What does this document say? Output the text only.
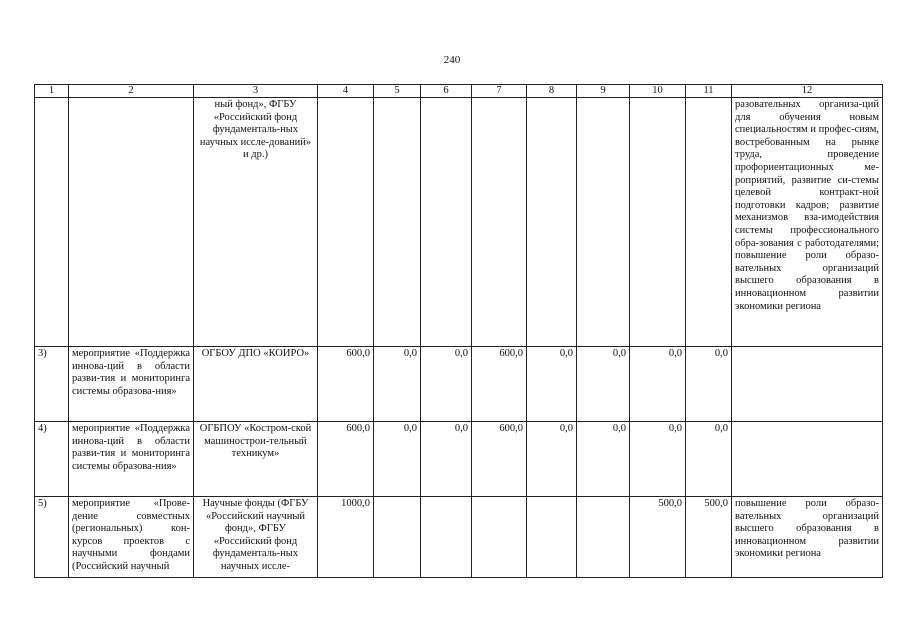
240
1	2	3	4	5	6	7	8	9	10	11	12
		ный фонд», ФГБУ «Российский фонд фундаменталь-ных научных иссле-дований» и др.)									разовательных организа-ций для обучения новым специальностям и профес-сиям, востребованным на рынке труда, проведение профориентационных ме-роприятий, развитие си-стемы целевой контракт-ной подготовки кадров; развитие механизмов вза-имодействия системы профессионального обра-зования с работодателями; повышение роли образо-вательных организаций высшего образования в инновационном развитии экономики региона
3)	мероприятие «Поддержка иннова-ций в области разви-тия и мониторинга системы образова-ния»	ОГБОУ ДПО «КОИРО»	600,0	0,0	0,0	600,0	0,0	0,0	0,0	0,0	
4)	мероприятие «Поддержка иннова-ций в области разви-тия и мониторинга системы образова-ния»	ОГБПОУ «Костром-ской машинострои-тельный техникум»	600,0	0,0	0,0	600,0	0,0	0,0	0,0	0,0	
5)	мероприятие «Прове-дение совместных (региональных) кон-курсов проектов с научными фондами (Российский научный	Научные фонды (ФГБУ «Российский научный фонд», ФГБУ «Российский фонд фундаменталь-ных научных иссле-	1000,0						500,0	500,0	повышение роли образо-вательных организаций высшего образования в инновационном развитии экономики региона
